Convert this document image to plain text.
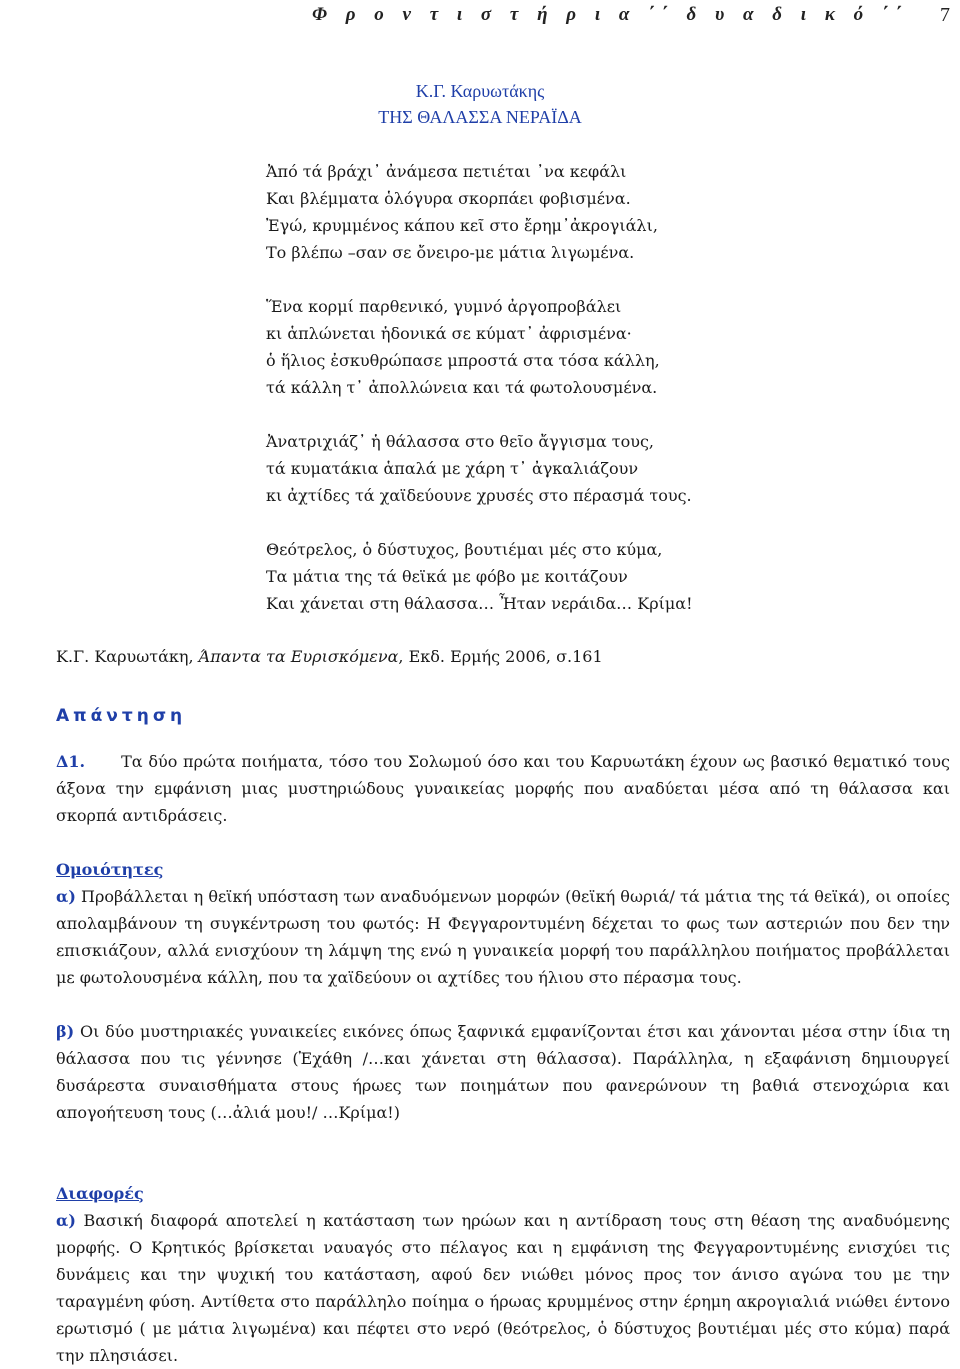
Φ ρ ο ν τ ι σ τ ή ρ ι α ΄΄ δ υ α δ ι κ ό ΄΄ 7
Κ.Γ. Καρυωτάκης
ΤΗΣ ΘΑΛΑΣΣΑ ΝΕΡΑΪΔΑ
Ἀπό τά βράχι᾽ ἀνάμεσα πετιέται ᾽να κεφάλι
Και βλέμματα ὁλόγυρα σκορπάει φοβισμένα.
Ἐγώ, κρυμμένος κάπου κεῖ στο ἔρημ᾽ἀκρογιάλι,
Το βλέπω –σαν σε ὄνειρο-με μάτια λιγωμένα.
Ἕνα κορμί παρθενικό, γυμνό ἀργοπροβάλει
κι ἁπλώνεται ἡδονικά σε κύματ᾽ ἀφρισμένα·
ὁ ἥλιος ἐσκυθρώπασε μπροστά στα τόσα κάλλη,
τά κάλλη τ᾽ ἀπολλώνεια και τά φωτολουσμένα.
Ἀνατριχιάζ᾽ ἡ θάλασσα στο θεῖο ἄγγισμα τους,
τά κυματάκια ἁπαλά με χάρη τ᾽ ἀγκαλιάζουν
κι ἀχτίδες τά χαϊδεύουνε χρυσές στο πέρασμά τους.
Θεότρελος, ὁ δύστυχος, βουτιέμαι μές στο κύμα,
Τα μάτια της τά θεϊκά με φόβο με κοιτάζουν
Και χάνεται στη θάλασσα… Ἦταν νεράιδα… Κρίμα!
Κ.Γ. Καρυωτάκη, Άπαντα τα Ευρισκόμενα, Εκδ. Ερμής 2006, σ.161
Απάντηση
Δ1. Τα δύο πρώτα ποιήματα, τόσο του Σολωμού όσο και του Καρυωτάκη έχουν ως βασικό θεματικό τους άξονα την εμφάνιση μιας μυστηριώδους γυναικείας μορφής που αναδύεται μέσα από τη θάλασσα και σκορπά αντιδράσεις.
Ομοιότητες
α) Προβάλλεται η θεϊκή υπόσταση των αναδυόμενων μορφών (θεϊκή θωριά/ τά μάτια της τά θεϊκά), οι οποίες απολαμβάνουν τη συγκέντρωση του φωτός: Η Φεγγαροντυμένη δέχεται το φως των αστεριών που δεν την επισκιάζουν, αλλά ενισχύουν τη λάμψη της ενώ η γυναικεία μορφή του παράλληλου ποιήματος προβάλλεται με φωτολουσμένα κάλλη, που τα χαϊδεύουν οι αχτίδες του ήλιου στο πέρασμα τους.
β) Οι δύο μυστηριακές γυναικείες εικόνες όπως ξαφνικά εμφανίζονται έτσι και χάνονται μέσα στην ίδια τη θάλασσα που τις γέννησε (Ἐχάθη /…και χάνεται στη θάλασσα). Παράλληλα, η εξαφάνιση δημιουργεί δυσάρεστα συναισθήματα στους ήρωες των ποιημάτων που φανερώνουν τη βαθιά στενοχώρια και απογοήτευση τους (…ἀλιά μου!/ …Κρίμα!)
Διαφορές
α) Βασική διαφορά αποτελεί η κατάσταση των ηρώων και η αντίδραση τους στη θέαση της αναδυόμενης μορφής. Ο Κρητικός βρίσκεται ναυαγός στο πέλαγος και η εμφάνιση της Φεγγαροντυμένης ενισχύει τις δυνάμεις και την ψυχική του κατάσταση, αφού δεν νιώθει μόνος προς τον άνισο αγώνα του με την ταραγμένη φύση. Αντίθετα στο παράλληλο ποίημα ο ήρωας κρυμμένος στην έρημη ακρογιαλιά νιώθει έντονο ερωτισμό ( με μάτια λιγωμένα) και πέφτει στο νερό (θεότρελος, ὁ δύστυχος βουτιέμαι μές στο κύμα) παρά την πλησιάσει.
